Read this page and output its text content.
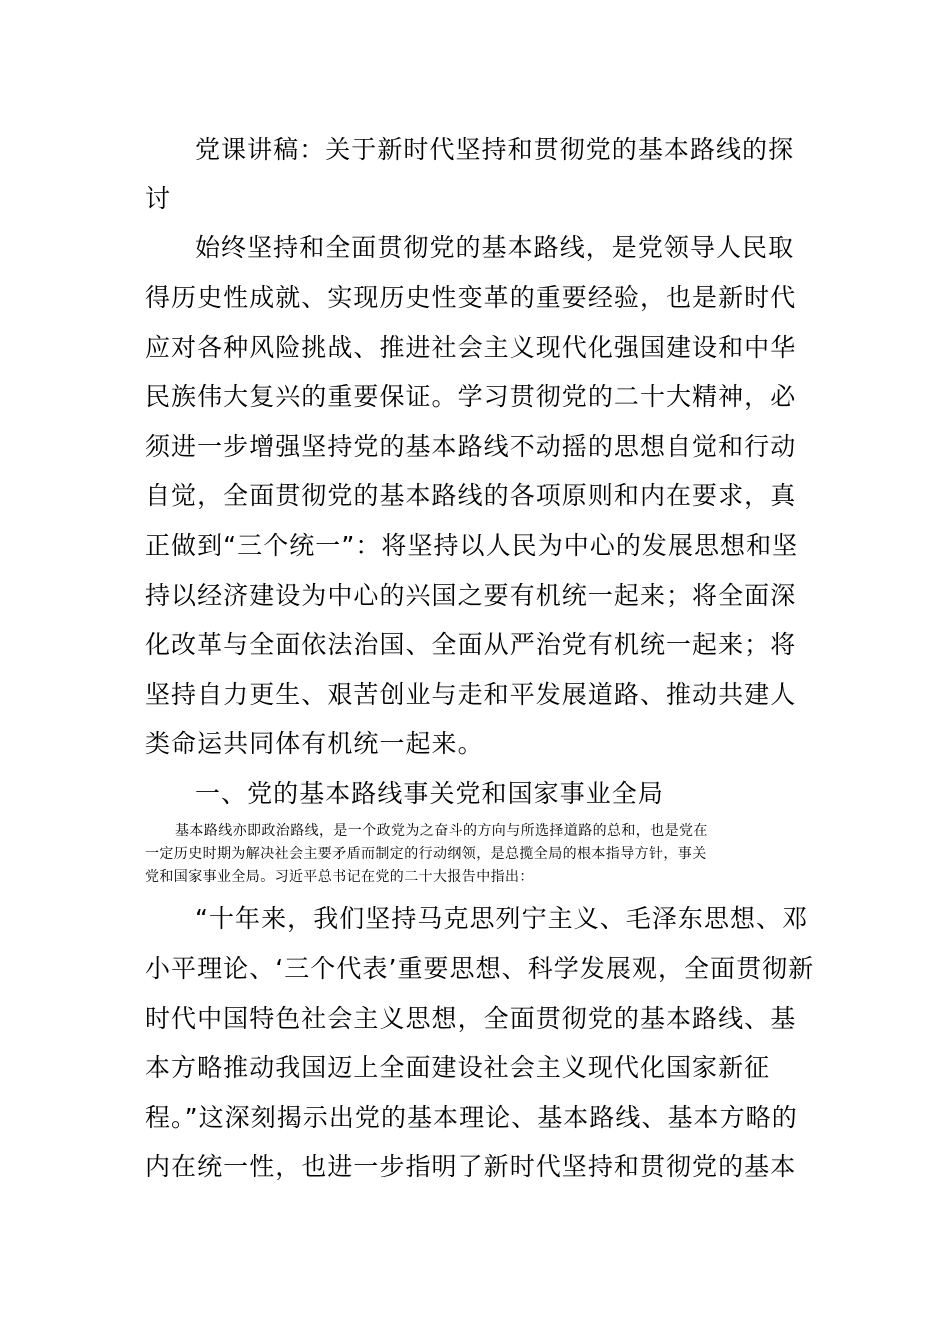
党课讲稿：关于新时代坚持和贯彻党的基本路线的探

讨

始终坚持和全面贯彻党的基本路线，是党领导人民取

得历史性成就、实现历史性变革的重要经验，也是新时代

应对各种风险挑战、推进社会主义现代化强国建设和中华

民族伟大复兴的重要保证。学习贯彻党的二十大精神，必

须进一步增强坚持党的基本路线不动摇的思想自觉和行动

自觉，全面贯彻党的基本路线的各项原则和内在要求，真

正做到“三个统一”：将坚持以人民为中心的发展思想和坚

持以经济建设为中心的兴国之要有机统一起来；将全面深

化改革与全面依法治国、全面从严治党有机统一起来；将

坚持自力更生、艰苦创业与走和平发展道路、推动共建人

类命运共同体有机统一起来。

一、党的基本路线事关党和国家事业全局

基本路线亦即政治路线，是一个政党为之奋斗的方向与所选择道路的总和，也是党在

一定历史时期为解决社会主要矛盾而制定的行动纲领，是总揽全局的根本指导方针，事关

党和国家事业全局。习近平总书记在党的二十大报告中指出：

“十年来，我们坚持马克思列宁主义、毛泽东思想、邓

小平理论、‘三个代表’重要思想、科学发展观，全面贯彻新

时代中国特色社会主义思想，全面贯彻党的基本路线、基

本方略推动我国迈上全面建设社会主义现代化国家新征

程。”这深刻揭示出党的基本理论、基本路线、基本方略的

内在统一性，也进一步指明了新时代坚持和贯彻党的基本
